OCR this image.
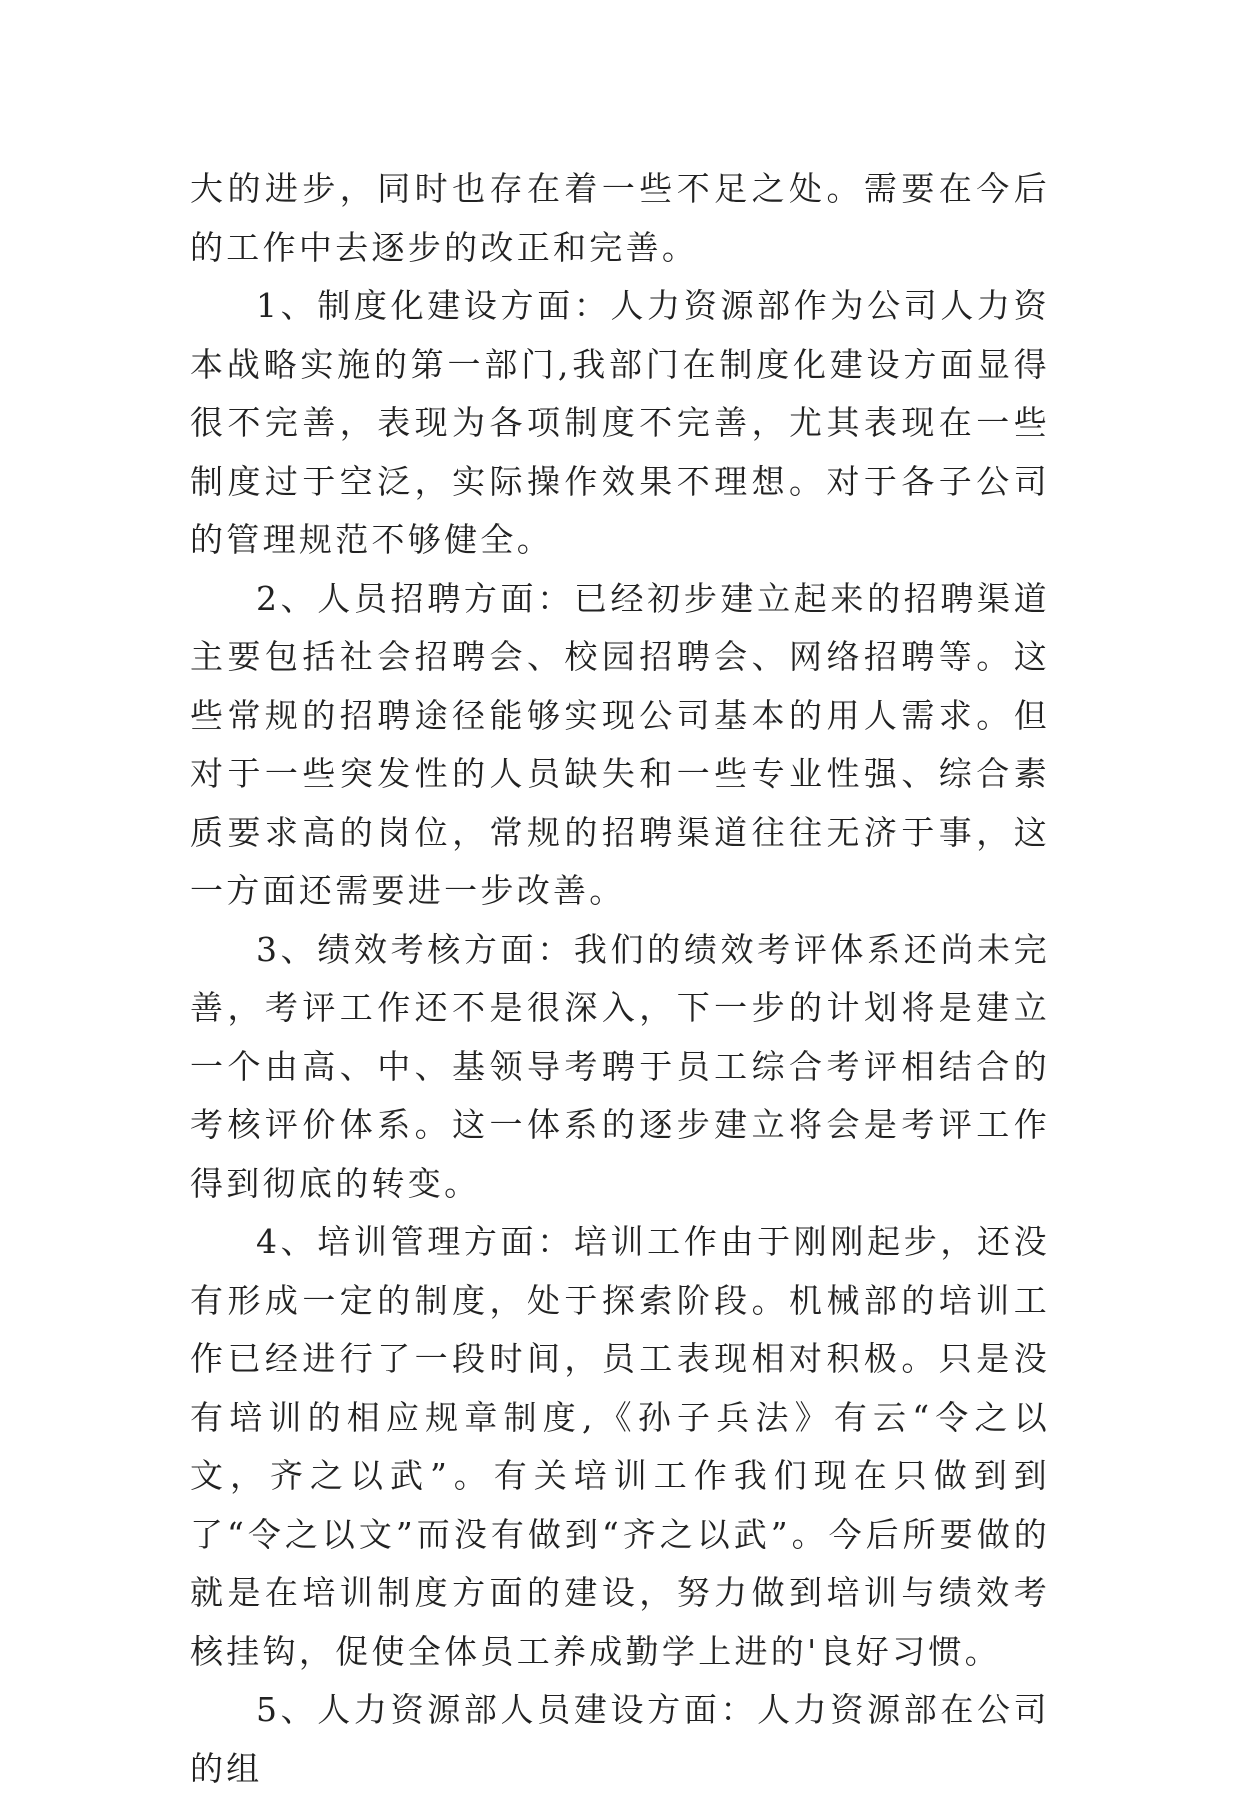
大的进步，同时也存在着一些不足之处。需要在今后的工作中去逐步的改正和完善。

1、制度化建设方面：人力资源部作为公司人力资本战略实施的第一部门,我部门在制度化建设方面显得很不完善，表现为各项制度不完善，尤其表现在一些制度过于空泛，实际操作效果不理想。对于各子公司的管理规范不够健全。

2、人员招聘方面：已经初步建立起来的招聘渠道主要包括社会招聘会、校园招聘会、网络招聘等。这些常规的招聘途径能够实现公司基本的用人需求。但对于一些突发性的人员缺失和一些专业性强、综合素质要求高的岗位，常规的招聘渠道往往无济于事，这一方面还需要进一步改善。

3、绩效考核方面：我们的绩效考评体系还尚未完善，考评工作还不是很深入，下一步的计划将是建立一个由高、中、基领导考聘于员工综合考评相结合的考核评价体系。这一体系的逐步建立将会是考评工作得到彻底的转变。

4、培训管理方面：培训工作由于刚刚起步，还没有形成一定的制度，处于探索阶段。机械部的培训工作已经进行了一段时间，员工表现相对积极。只是没有培训的相应规章制度,《孙子兵法》有云“令之以文，齐之以武”。有关培训工作我们现在只做到到了“令之以文”而没有做到“齐之以武”。今后所要做的就是在培训制度方面的建设，努力做到培训与绩效考核挂钩，促使全体员工养成勤学上进的'良好习惯。

5、人力资源部人员建设方面：人力资源部在公司的组
